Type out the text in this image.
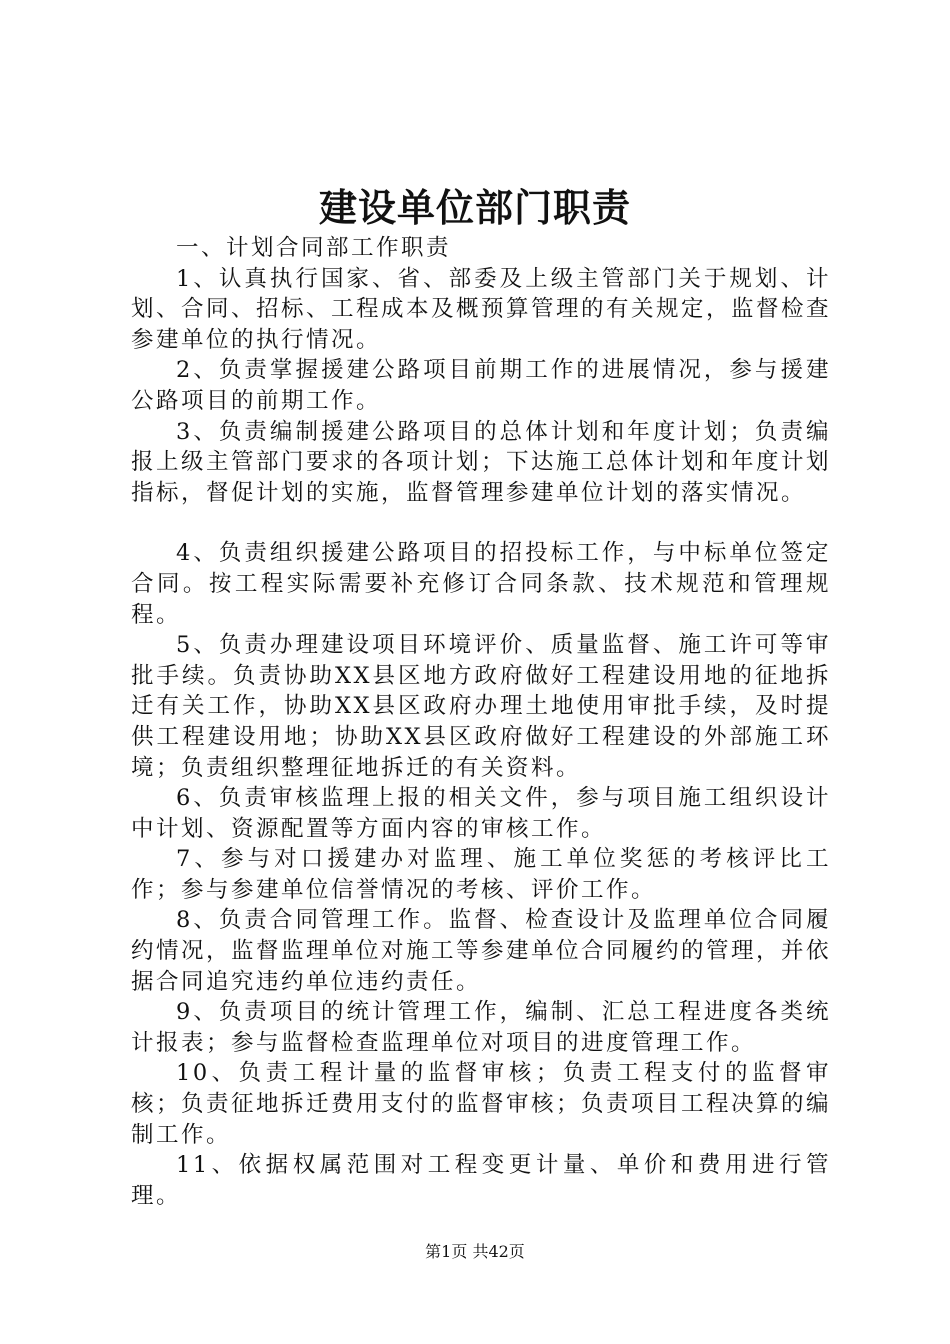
建设单位部门职责

一、计划合同部工作职责

1、认真执行国家、省、部委及上级主管部门关于规划、计划、合同、招标、工程成本及概预算管理的有关规定，监督检查参建单位的执行情况。

2、负责掌握援建公路项目前期工作的进展情况，参与援建公路项目的前期工作。

3、负责编制援建公路项目的总体计划和年度计划；负责编报上级主管部门要求的各项计划；下达施工总体计划和年度计划指标，督促计划的实施，监督管理参建单位计划的落实情况。

4、负责组织援建公路项目的招投标工作，与中标单位签定合同。按工程实际需要补充修订合同条款、技术规范和管理规程。

5、负责办理建设项目环境评价、质量监督、施工许可等审批手续。负责协助XX县区地方政府做好工程建设用地的征地拆迁有关工作，协助XX县区政府办理土地使用审批手续，及时提供工程建设用地；协助XX县区政府做好工程建设的外部施工环境；负责组织整理征地拆迁的有关资料。

6、负责审核监理上报的相关文件，参与项目施工组织设计中计划、资源配置等方面内容的审核工作。

7、参与对口援建办对监理、施工单位奖惩的考核评比工作；参与参建单位信誉情况的考核、评价工作。

8、负责合同管理工作。监督、检查设计及监理单位合同履约情况，监督监理单位对施工等参建单位合同履约的管理，并依据合同追究违约单位违约责任。

9、负责项目的统计管理工作，编制、汇总工程进度各类统计报表；参与监督检查监理单位对项目的进度管理工作。

10、负责工程计量的监督审核；负责工程支付的监督审核；负责征地拆迁费用支付的监督审核；负责项目工程决算的编制工作。

11、依据权属范围对工程变更计量、单价和费用进行管理。

第1页 共42页
